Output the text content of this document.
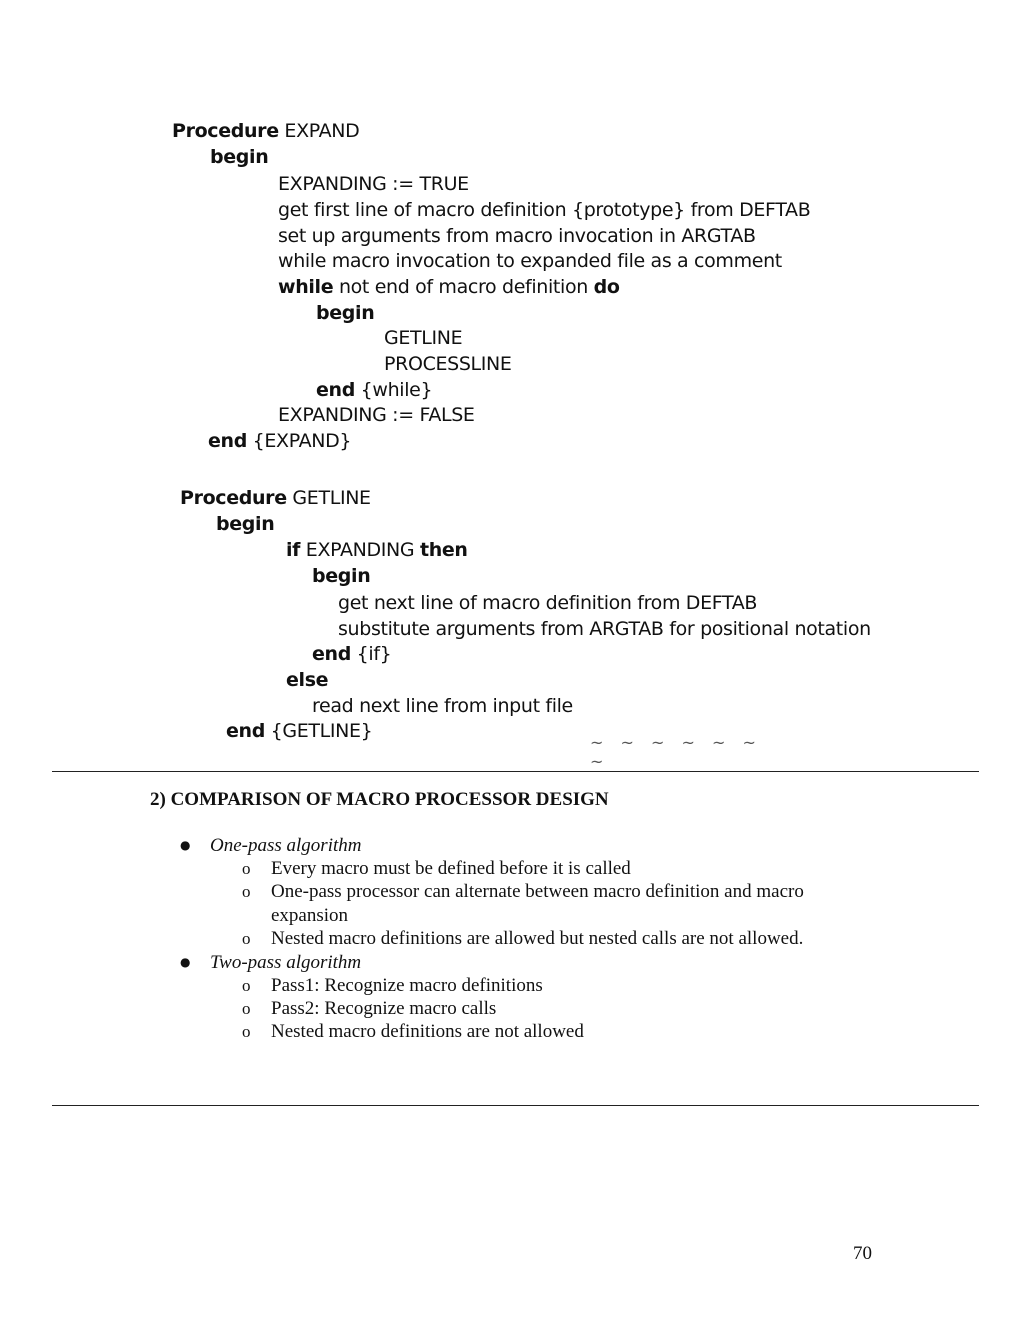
Procedure EXPAND
begin
EXPANDING := TRUE
get first line of macro definition {prototype} from DEFTAB
set up arguments from macro invocation in ARGTAB
while macro invocation to expanded file as a comment
while not end of macro definition do
begin
GETLINE
PROCESSLINE
end {while}
EXPANDING := FALSE
end {EXPAND}
Procedure GETLINE
begin
if EXPANDING then
begin
get next line of macro definition from DEFTAB
substitute arguments from ARGTAB for positional notation
end {if}
else
read next line from input file
end {GETLINE}
~ ~ ~ ~ ~ ~ ~
2) COMPARISON OF MACRO PROCESSOR DESIGN
● One-pass algorithm
o Every macro must be defined before it is called
o One-pass processor can alternate between macro definition and macro
expansion
o Nested macro definitions are allowed but nested calls are not allowed.
● Two-pass algorithm
o Pass1: Recognize macro definitions
o Pass2: Recognize macro calls
o Nested macro definitions are not allowed
70
